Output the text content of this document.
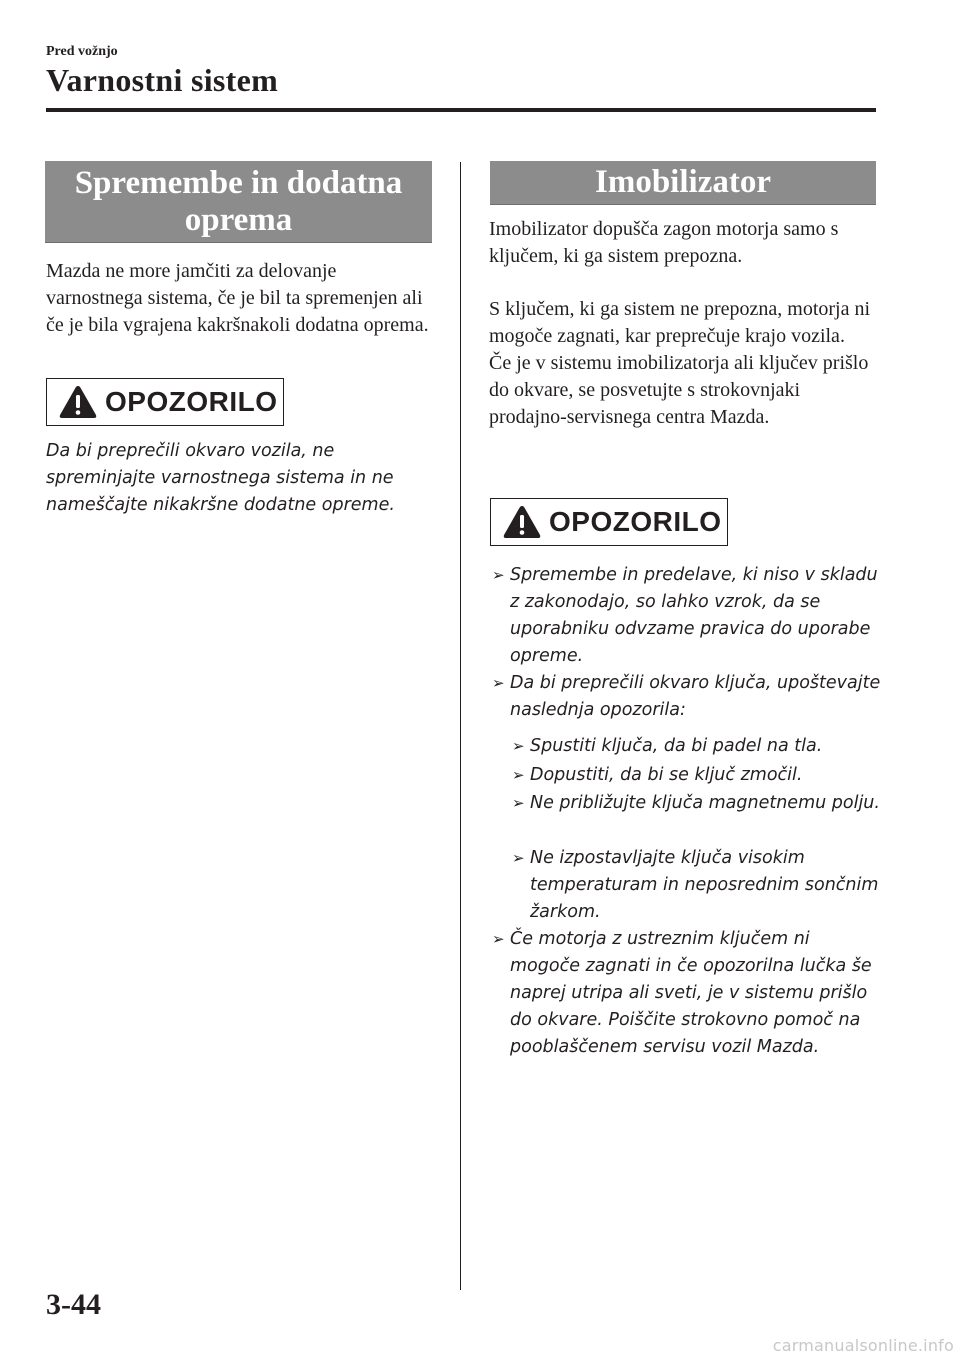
Pred vožnjo
Varnostni sistem
Spremembe in dodatna
oprema
Mazda ne more jamčiti za delovanje varnostnega sistema, če je bil ta spremenjen ali če je bila vgrajena kakršnakoli dodatna oprema.
OPOZORILO
Da bi preprečili okvaro vozila, ne spreminjajte varnostnega sistema in ne nameščajte nikakršne dodatne opreme.
Imobilizator
Imobilizator dopušča zagon motorja samo s ključem, ki ga sistem prepozna.
S ključem, ki ga sistem ne prepozna, motorja ni mogoče zagnati, kar preprečuje krajo vozila.
Če je v sistemu imobilizatorja ali ključev prišlo do okvare, se posvetujte s strokovnjaki prodajno-servisnega centra Mazda.
OPOZORILO
➢ Spremembe in predelave, ki niso v skladu z zakonodajo, so lahko vzrok, da se uporabniku odvzame pravica do uporabe opreme.
➢ Da bi preprečili okvaro ključa, upoštevajte naslednja opozorila:
➢ Spustiti ključa, da bi padel na tla.
➢ Dopustiti, da bi se ključ zmočil.
➢ Ne približujte ključa magnetnemu polju.
➢ Ne izpostavljajte ključa visokim temperaturam in neposrednim sončnim žarkom.
➢ Če motorja z ustreznim ključem ni mogoče zagnati in če opozorilna lučka še naprej utripa ali sveti, je v sistemu prišlo do okvare. Poiščite strokovno pomoč na pooblaščenem servisu vozil Mazda.
3-44
carmanualsonline.info
